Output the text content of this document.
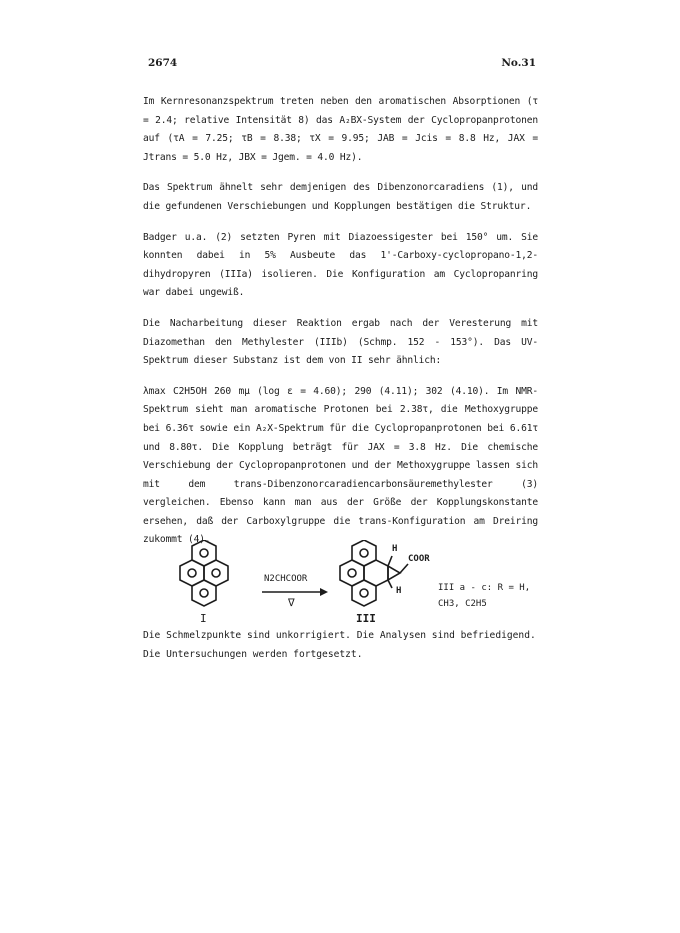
2674	No.31

Im Kernresonanzspektrum treten neben den aromatischen Absorptionen (τ = 2.4; relative Intensität 8) das A₂BX-System der Cyclopropanprotonen auf (τA = 7.25; τB = 8.38; τX = 9.95; JAB = Jcis = 8.8 Hz, JAX = Jtrans = 5.0 Hz, JBX = Jgem. = 4.0 Hz).

Das Spektrum ähnelt sehr demjenigen des Dibenzonorcaradiens (1), und die gefundenen Verschiebungen und Kopplungen bestätigen die Struktur.

Badger u.a. (2) setzten Pyren mit Diazoessigester bei 150° um. Sie konnten dabei in 5% Ausbeute das 1'-Carboxy-cyclopropano-1,2-dihydropyren (IIIa) isolieren. Die Konfiguration am Cyclopropanring war dabei ungewiß.

Die Nacharbeitung dieser Reaktion ergab nach der Veresterung mit Diazomethan den Methylester (IIIb) (Schmp. 152 - 153°). Das UV-Spektrum dieser Substanz ist dem von II sehr ähnlich:

λmax C2H5OH 260 mμ (log ε = 4.60); 290 (4.11); 302 (4.10). Im NMR-Spektrum sieht man aromatische Protonen bei 2.38τ, die Methoxygruppe bei 6.36τ sowie ein A₂X-Spektrum für die Cyclopropanprotonen bei 6.61τ und 8.80τ. Die Kopplung beträgt für JAX = 3.8 Hz. Die chemische Verschiebung der Cyclopropanprotonen und der Methoxygruppe lassen sich mit dem trans-Dibenzonorcaradiencarbonsäuremethylester (3) vergleichen. Ebenso kann man aus der Größe der Kopplungskonstante ersehen, daß der Carboxylgruppe die trans-Konfiguration am Dreiring zukommt (4).

I
N2CHCOOR
∇
III
COOR
H
H	III a - c: R = H, CH3, C2H5
Die Schmelzpunkte sind unkorrigiert. Die Analysen sind befriedigend.
Die Untersuchungen werden fortgesetzt.
